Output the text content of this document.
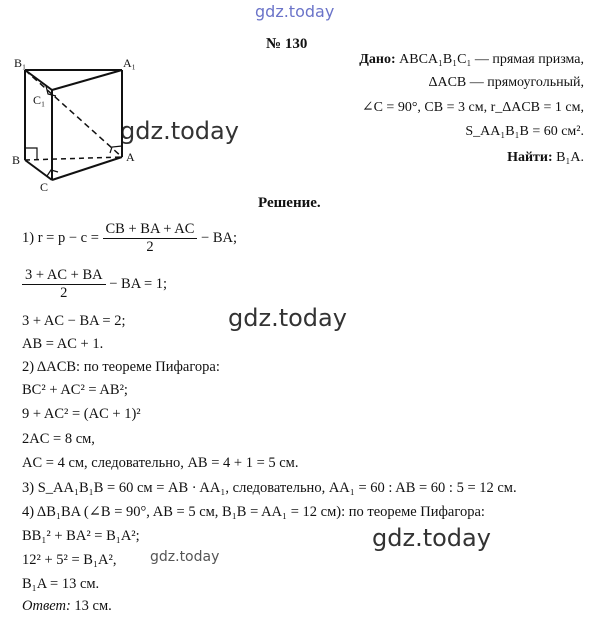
gdz.today
gdz.today
gdz.today
gdz.today
gdz.today
№ 130
B₁	A₁
C₁
B	A
C
Дано: ABCA₁B₁C₁ — прямая призма,
ΔACB — прямоугольный,
∠C = 90°, CB = 3 см, r_ΔACB = 1 см,
S_AA₁B₁B = 60 см².
Найти: B₁A.
Решение.
1) $r = p - c = \frac{CB + BA + AC}{2}$ − BA;
$\frac{3 + AC + BA}{2}$ − BA = 1;
3 + AC − BA = 2;
AB = AC + 1.
2) ΔACB: по теореме Пифагора:
BC² + AC² = AB²;
9 + AC² = (AC + 1)²
2AC = 8 см,
AC = 4 см, следовательно, AB = 4 + 1 = 5 см.
3) S_AA₁B₁B = 60 см = AB · AA₁, следовательно, AA₁ = 60 : AB = 60 : 5 = 12 см.
4) ΔB₁BA (∠B = 90°, AB = 5 см, B₁B = AA₁ = 12 см): по теореме Пифагора:
BB₁² + BA² = B₁A²;
12² + 5² = B₁A²,
B₁A = 13 см.
Ответ: 13 см.
